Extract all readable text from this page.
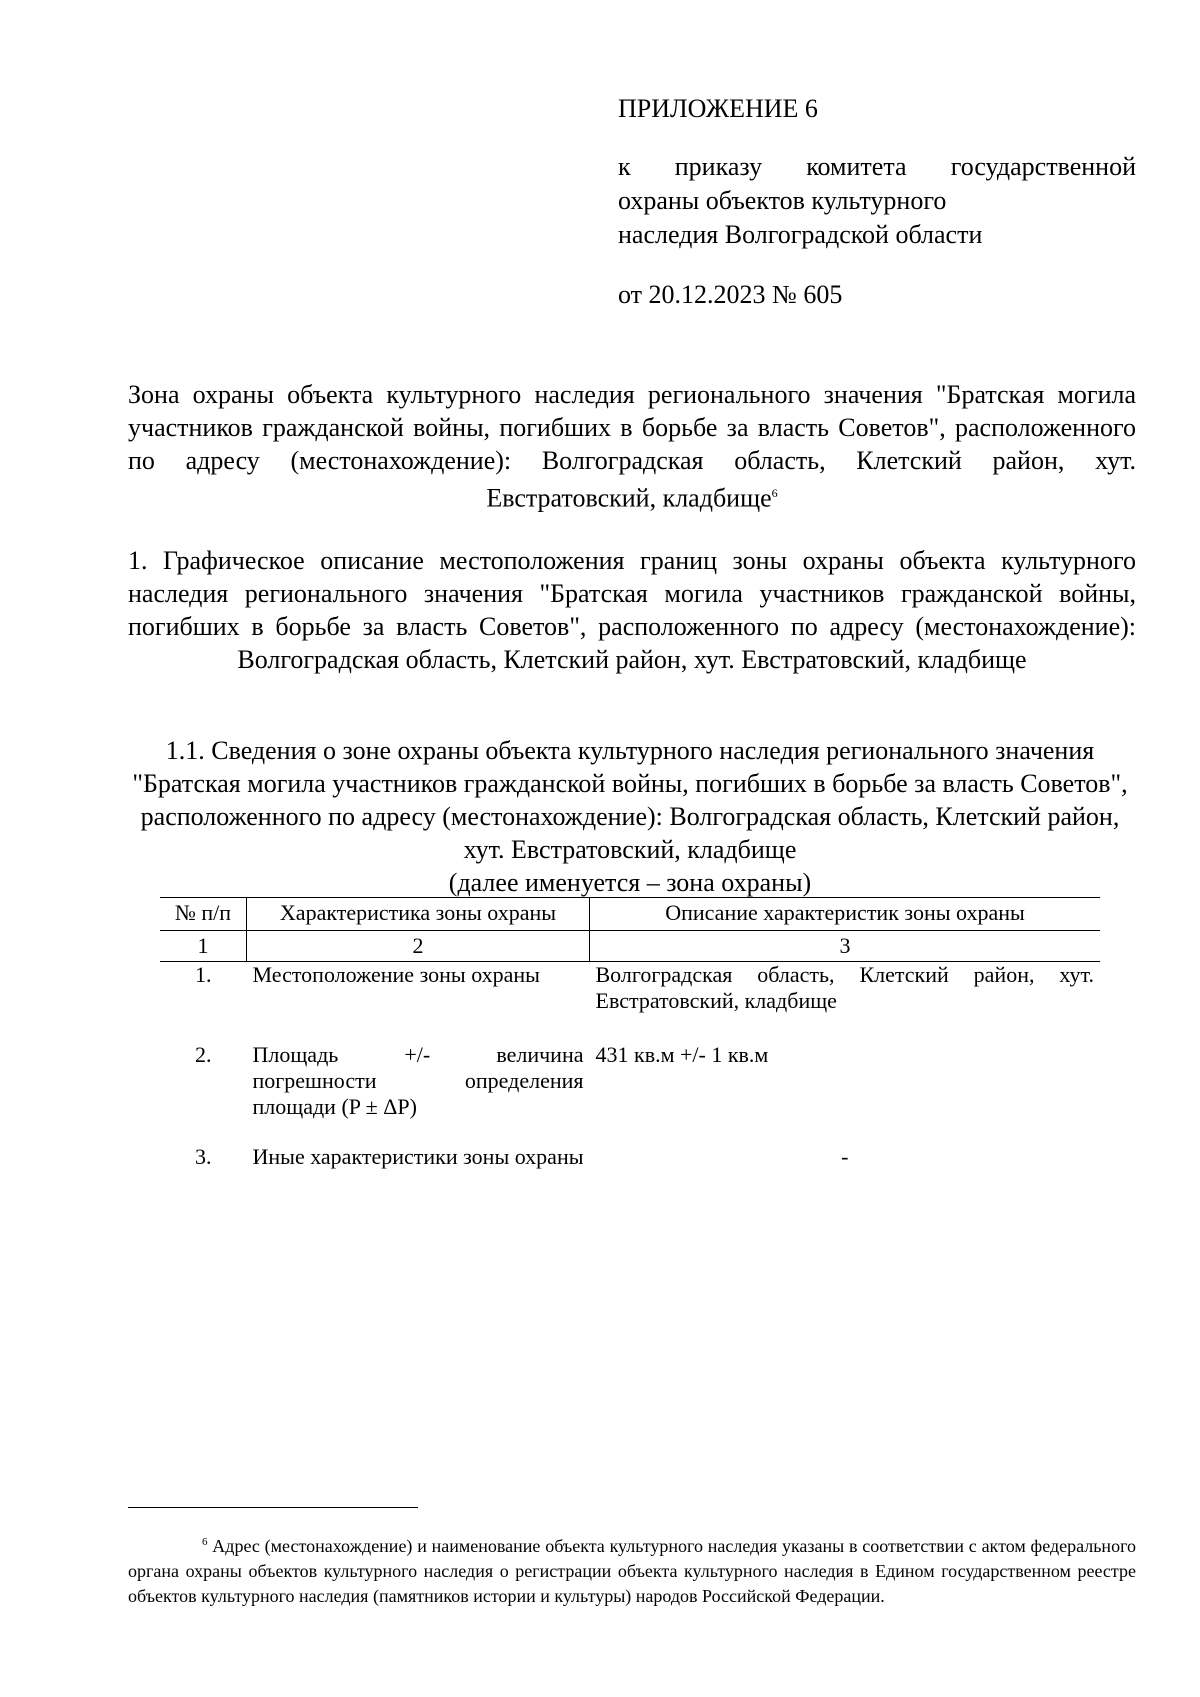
ПРИЛОЖЕНИЕ 6
к приказу комитета государственной
охраны объектов культурного
наследия Волгоградской области
от 20.12.2023 № 605
Зона охраны объекта культурного наследия регионального значения "Братская могила участников гражданской войны, погибших в борьбе за власть Советов", расположенного по адресу (местонахождение): Волгоградская область, Клетский район, хут. Евстратовский, кладбище$^6$
1. Графическое описание местоположения границ зоны охраны объекта культурного наследия регионального значения "Братская могила участников гражданской войны, погибших в борьбе за власть Советов", расположенного по адресу (местонахождение): Волгоградская область, Клетский район, хут. Евстратовский, кладбище
1.1. Сведения о зоне охраны объекта культурного наследия регионального значения "Братская могила участников гражданской войны, погибших в борьбе за власть Советов", расположенного по адресу (местонахождение): Волгоградская область, Клетский район, хут. Евстратовский, кладбище
(далее именуется – зона охраны)
№ п/п	Характеристика зоны охраны	Описание характеристик зоны охраны
1	2	3
1.	Местоположение зоны охраны	Волгоградская область, Клетский район, хут. Евстратовский, кладбище
2.	Площадь +/- величина погрешности определения площади (P ± ΔP)	431 кв.м +/- 1 кв.м
3.	Иные характеристики зоны охраны	-
$^6$ Адрес (местонахождение) и наименование объекта культурного наследия указаны в соответствии с актом федерального органа охраны объектов культурного наследия о регистрации объекта культурного наследия в Едином государственном реестре объектов культурного наследия (памятников истории и культуры) народов Российской Федерации.
